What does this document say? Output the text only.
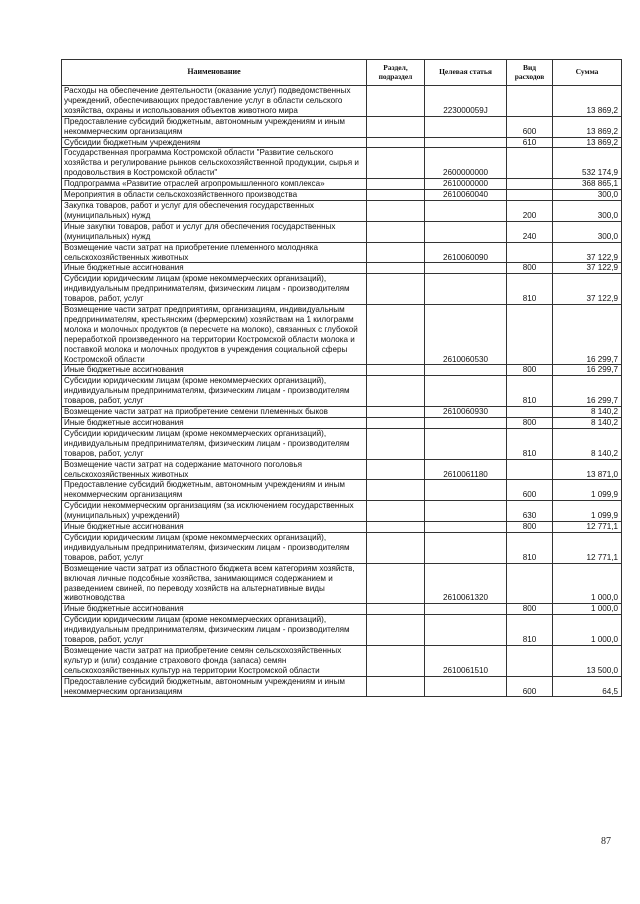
Наименование	Раздел, подраздел	Целевая статья	Вид расходов	Сумма
Расходы на обеспечение деятельности (оказание услуг) подведомственных учреждений, обеспечивающих предоставление услуг в области сельского хозяйства, охраны и использования объектов животного мира		223000059J		13 869,2
Предоставление субсидий бюджетным, автономным учреждениям и иным некоммерческим организациям			600	13 869,2
Субсидии бюджетным учреждениям			610	13 869,2
Государственная программа Костромской области "Развитие сельского хозяйства и регулирование рынков сельскохозяйственной продукции, сырья и продовольствия в Костромской области"		2600000000		532 174,9
Подпрограмма «Развитие отраслей агропромышленного комплекса»		2610000000		368 865,1
Мероприятия в области сельскохозяйственного производства		2610060040		300,0
Закупка товаров, работ и услуг для обеспечения государственных (муниципальных) нужд			200	300,0
Иные закупки товаров, работ и услуг для обеспечения государственных (муниципальных) нужд			240	300,0
Возмещение части затрат на приобретение племенного молодняка сельскохозяйственных животных		2610060090		37 122,9
Иные бюджетные ассигнования			800	37 122,9
Субсидии юридическим лицам (кроме некоммерческих организаций), индивидуальным предпринимателям, физическим лицам - производителям товаров, работ, услуг			810	37 122,9
Возмещение части затрат предприятиям, организациям, индивидуальным предпринимателям, крестьянским (фермерским) хозяйствам на 1 килограмм молока и молочных продуктов (в пересчете на молоко), связанных с глубокой переработкой произведенного на территории Костромской области молока и поставкой молока и молочных продуктов в учреждения социальной сферы Костромской области		2610060530		16 299,7
Иные бюджетные ассигнования			800	16 299,7
Субсидии юридическим лицам (кроме некоммерческих организаций), индивидуальным предпринимателям, физическим лицам - производителям товаров, работ, услуг			810	16 299,7
Возмещение части затрат на приобретение семени племенных быков		2610060930		8 140,2
Иные бюджетные ассигнования			800	8 140,2
Субсидии юридическим лицам (кроме некоммерческих организаций), индивидуальным предпринимателям, физическим лицам - производителям товаров, работ, услуг			810	8 140,2
Возмещение части затрат на содержание маточного поголовья сельскохозяйственных животных		2610061180		13 871,0
Предоставление субсидий бюджетным, автономным учреждениям и иным некоммерческим организациям			600	1 099,9
Субсидии некоммерческим организациям (за исключением государственных (муниципальных) учреждений)			630	1 099,9
Иные бюджетные ассигнования			800	12 771,1
Субсидии юридическим лицам (кроме некоммерческих организаций), индивидуальным предпринимателям, физическим лицам - производителям товаров, работ, услуг			810	12 771,1
Возмещение части затрат из областного бюджета всем категориям хозяйств, включая личные подсобные хозяйства, занимающимся содержанием и разведением свиней, по переводу хозяйств на альтернативные виды животноводства		2610061320		1 000,0
Иные бюджетные ассигнования			800	1 000,0
Субсидии юридическим лицам (кроме некоммерческих организаций), индивидуальным предпринимателям, физическим лицам - производителям товаров, работ, услуг			810	1 000,0
Возмещение части затрат на приобретение семян сельскохозяйственных культур и (или) создание страхового фонда (запаса) семян сельскохозяйственных культур на территории Костромской области		2610061510		13 500,0
Предоставление субсидий бюджетным, автономным учреждениям и иным некоммерческим организациям			600	64,5
87
